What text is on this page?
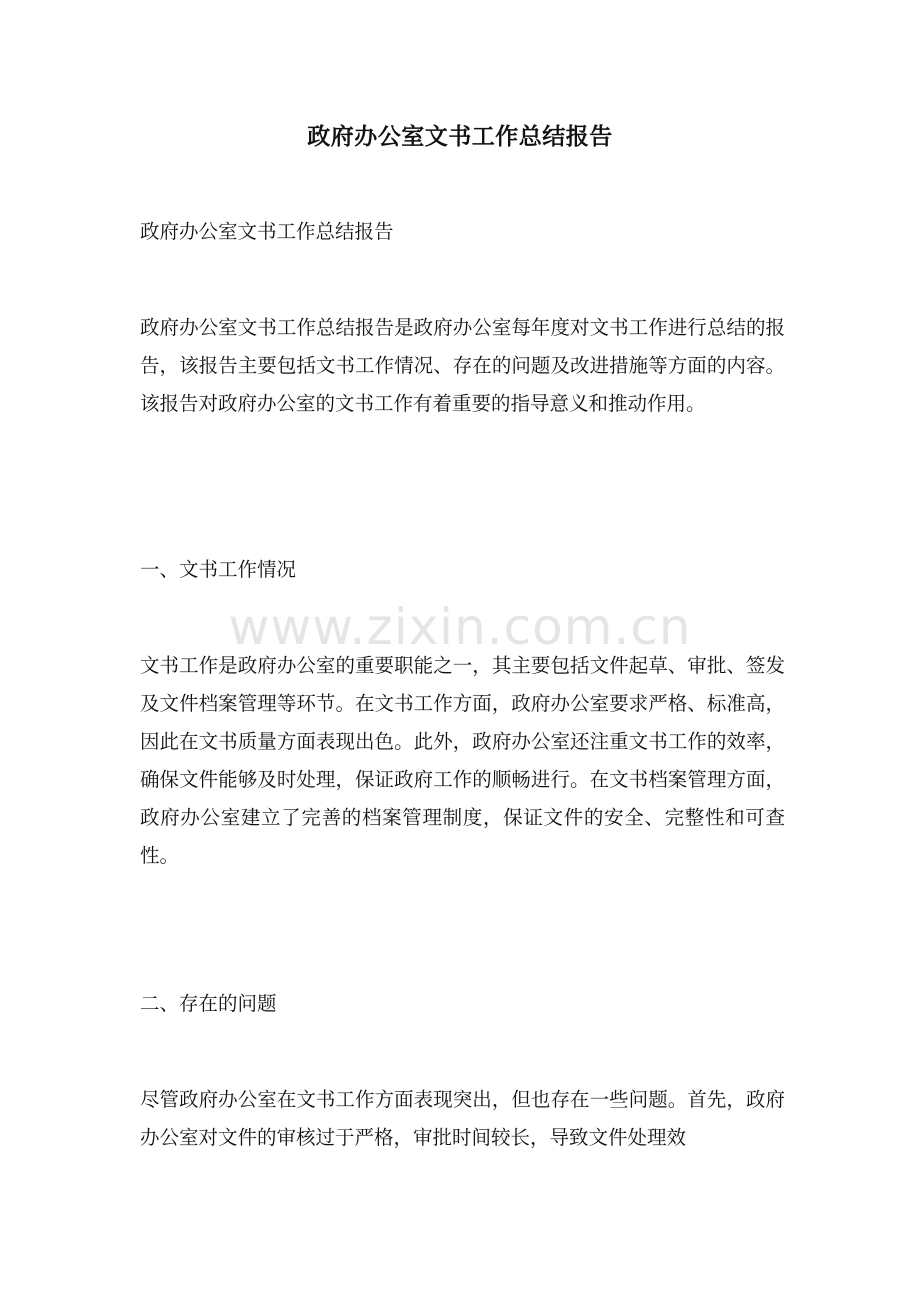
政府办公室文书工作总结报告

政府办公室文书工作总结报告

政府办公室文书工作总结报告是政府办公室每年度对文书工作进行总结的报告，该报告主要包括文书工作情况、存在的问题及改进措施等方面的内容。该报告对政府办公室的文书工作有着重要的指导意义和推动作用。

一、文书工作情况

www.zixin.com.cn

文书工作是政府办公室的重要职能之一，其主要包括文件起草、审批、签发及文件档案管理等环节。在文书工作方面，政府办公室要求严格、标准高，因此在文书质量方面表现出色。此外，政府办公室还注重文书工作的效率，确保文件能够及时处理，保证政府工作的顺畅进行。在文书档案管理方面，政府办公室建立了完善的档案管理制度，保证文件的安全、完整性和可查性。

二、存在的问题

尽管政府办公室在文书工作方面表现突出，但也存在一些问题。首先，政府办公室对文件的审核过于严格，审批时间较长，导致文件处理效
